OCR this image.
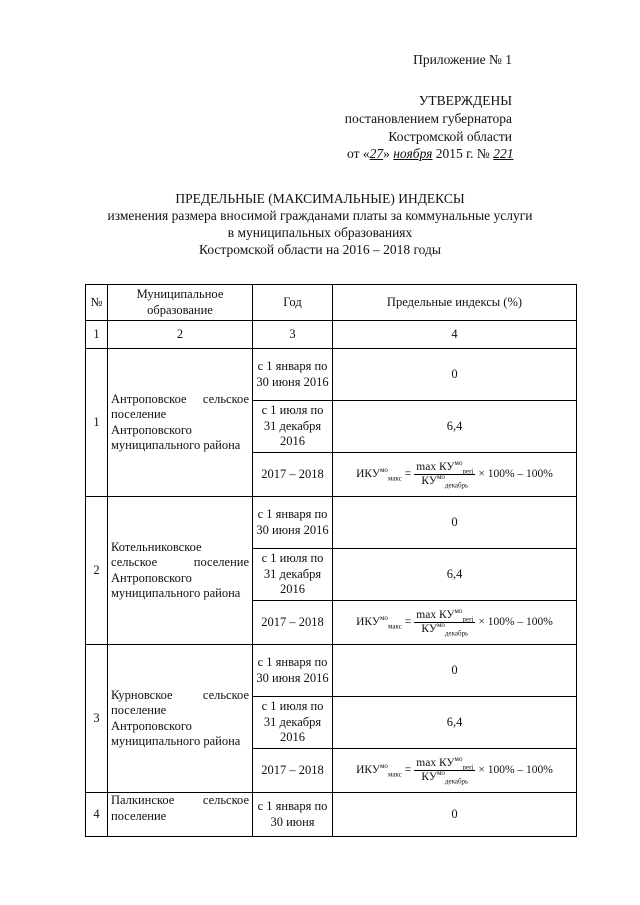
Приложение № 1
УТВЕРЖДЕНЫ
постановлением губернатора
Костромской области
от «27» ноября 2015 г. № 221
ПРЕДЕЛЬНЫЕ (МАКСИМАЛЬНЫЕ) ИНДЕКСЫ
изменения размера вносимой гражданами платы за коммунальные услуги
в муниципальных образованиях
Костромской области на 2016 – 2018 годы
№	Муниципальное образование	Год	Предельные индексы (%)
1	2	3	4
1	Антроповское сельское поселение Антроповского муниципального района	с 1 января по 30 июня 2016	0
		с 1 июля по 31 декабря 2016	6,4
		2017 – 2018	$ИКУ^{мо}_{макс} = \frac{\max КУ^{мо}_{perj}}{КУ^{мо}_{декабрь}} \times 100\% - 100\%$

2	Котельниковское сельское поселение Антроповского муниципального района	с 1 января по 30 июня 2016	0
		с 1 июля по 31 декабря 2016	6,4
		2017 – 2018	$ИКУ^{мо}_{макс} = \frac{\max КУ^{мо}_{perj}}{КУ^{мо}_{декабрь}} \times 100\% - 100\%$

3	Курновское сельское поселение Антроповского муниципального района	с 1 января по 30 июня 2016	0
		с 1 июля по 31 декабря 2016	6,4
		2017 – 2018	$ИКУ^{мо}_{макс} = \frac{\max КУ^{мо}_{perj}}{КУ^{мо}_{декабрь}} \times 100\% - 100\%$

4	Палкинское сельское поселение	с 1 января по 30 июня	0
